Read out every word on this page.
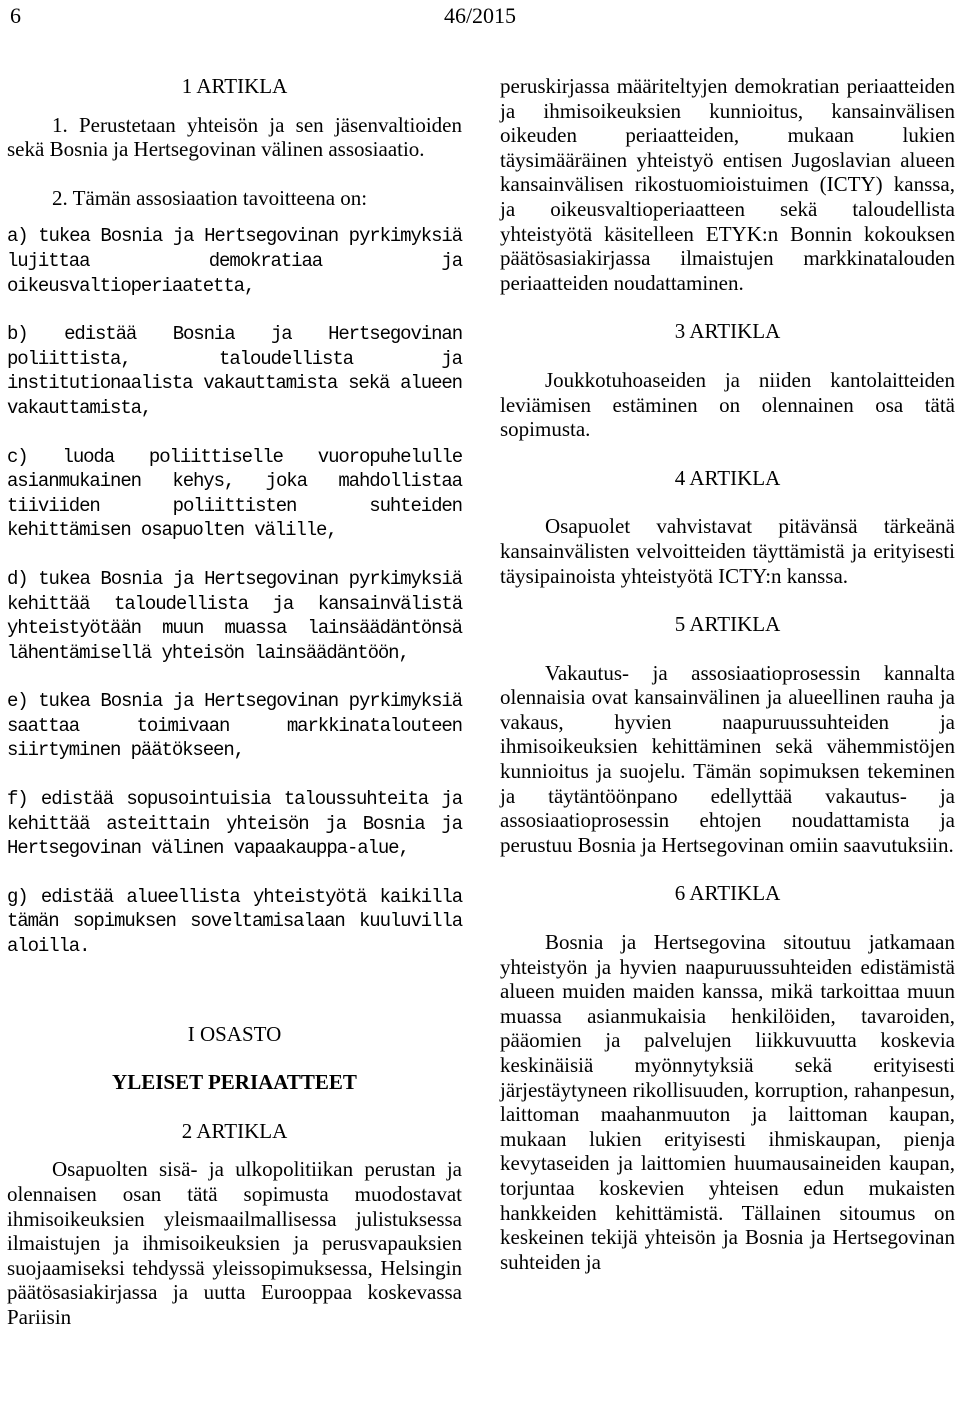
6	46/2015
1 ARTIKLA

1. Perustetaan yhteisön ja sen jäsenvaltioiden sekä Bosnia ja Hertsegovinan välinen assosiaatio.

2. Tämän assosiaation tavoitteena on:

a) tukea Bosnia ja Hertsegovinan pyrkimyksiä lujittaa demokratiaa ja oikeusvaltioperiaatetta,

b) edistää Bosnia ja Hertsegovinan poliittista, taloudellista ja institutionaalista vakauttamista sekä alueen vakauttamista,

c) luoda poliittiselle vuoropuhelulle asianmukainen kehys, joka mahdollistaa tiiviiden poliittisten suhteiden kehittämisen osapuolten välille,

d) tukea Bosnia ja Hertsegovinan pyrkimyksiä kehittää taloudellista ja kansainvälistä yhteistyötään muun muassa lainsäädäntönsä lähentämisellä yhteisön lainsäädäntöön,

e) tukea Bosnia ja Hertsegovinan pyrkimyksiä saattaa toimivaan markkinatalouteen siirtyminen päätökseen,

f) edistää sopusointuisia taloussuhteita ja kehittää asteittain yhteisön ja Bosnia ja Hertsegovinan välinen vapaakauppa-alue,

g) edistää alueellista yhteistyötä kaikilla tämän sopimuksen soveltamisalaan kuuluvilla aloilla.

I OSASTO
YLEISET PERIAATTEET
2 ARTIKLA

Osapuolten sisä- ja ulkopolitiikan perustan ja olennaisen osan tätä sopimusta muodostavat ihmisoikeuksien yleismaailmallisessa julistuksessa ilmaistujen ja ihmisoikeuksien ja perusvapauksien suojaamiseksi tehdyssä yleissopimuksessa, Helsingin päätösasiakirjassa ja uutta Eurooppaa koskevassa Pariisin

peruskirjassa määriteltyjen demokratian periaatteiden ja ihmisoikeuksien kunnioitus, kansainvälisen oikeuden periaatteiden, mukaan lukien täysimääräinen yhteistyö entisen Jugoslavian alueen kansainvälisen rikostuomioistuimen (ICTY) kanssa, ja oikeusvaltioperiaatteen sekä taloudellista yhteistyötä käsitelleen ETYK:n Bonnin kokouksen päätösasiakirjassa ilmaistujen markkinatalouden periaatteiden noudattaminen.

3 ARTIKLA

Joukkotuhoaseiden ja niiden kantolaitteiden leviämisen estäminen on olennainen osa tätä sopimusta.

4 ARTIKLA

Osapuolet vahvistavat pitävänsä tärkeänä kansainvälisten velvoitteiden täyttämistä ja erityisesti täysipainoista yhteistyötä ICTY:n kanssa.

5 ARTIKLA

Vakautus- ja assosiaatioprosessin kannalta olennaisia ovat kansainvälinen ja alueellinen rauha ja vakaus, hyvien naapuruussuhteiden ja ihmisoikeuksien kehittäminen sekä vähemmistöjen kunnioitus ja suojelu. Tämän sopimuksen tekeminen ja täytäntöönpano edellyttää vakautus- ja assosiaatioprosessin ehtojen noudattamista ja perustuu Bosnia ja Hertsegovinan omiin saavutuksiin.

6 ARTIKLA

Bosnia ja Hertsegovina sitoutuu jatkamaan yhteistyön ja hyvien naapuruussuhteiden edistämistä alueen muiden maiden kanssa, mikä tarkoittaa muun muassa asianmukaisia henkilöiden, tavaroiden, pääomien ja palvelujen liikkuvuutta koskevia keskinäisiä myönnytyksiä sekä erityisesti järjestäytyneen rikollisuuden, korruption, rahanpesun, laittoman maahanmuuton ja laittoman kaupan, mukaan lukien erityisesti ihmiskaupan, pienja kevytaseiden ja laittomien huumausaineiden kaupan, torjuntaa koskevien yhteisen edun mukaisten hankkeiden kehittämistä. Tällainen sitoumus on keskeinen tekijä yhteisön ja Bosnia ja Hertsegovinan suhteiden ja
